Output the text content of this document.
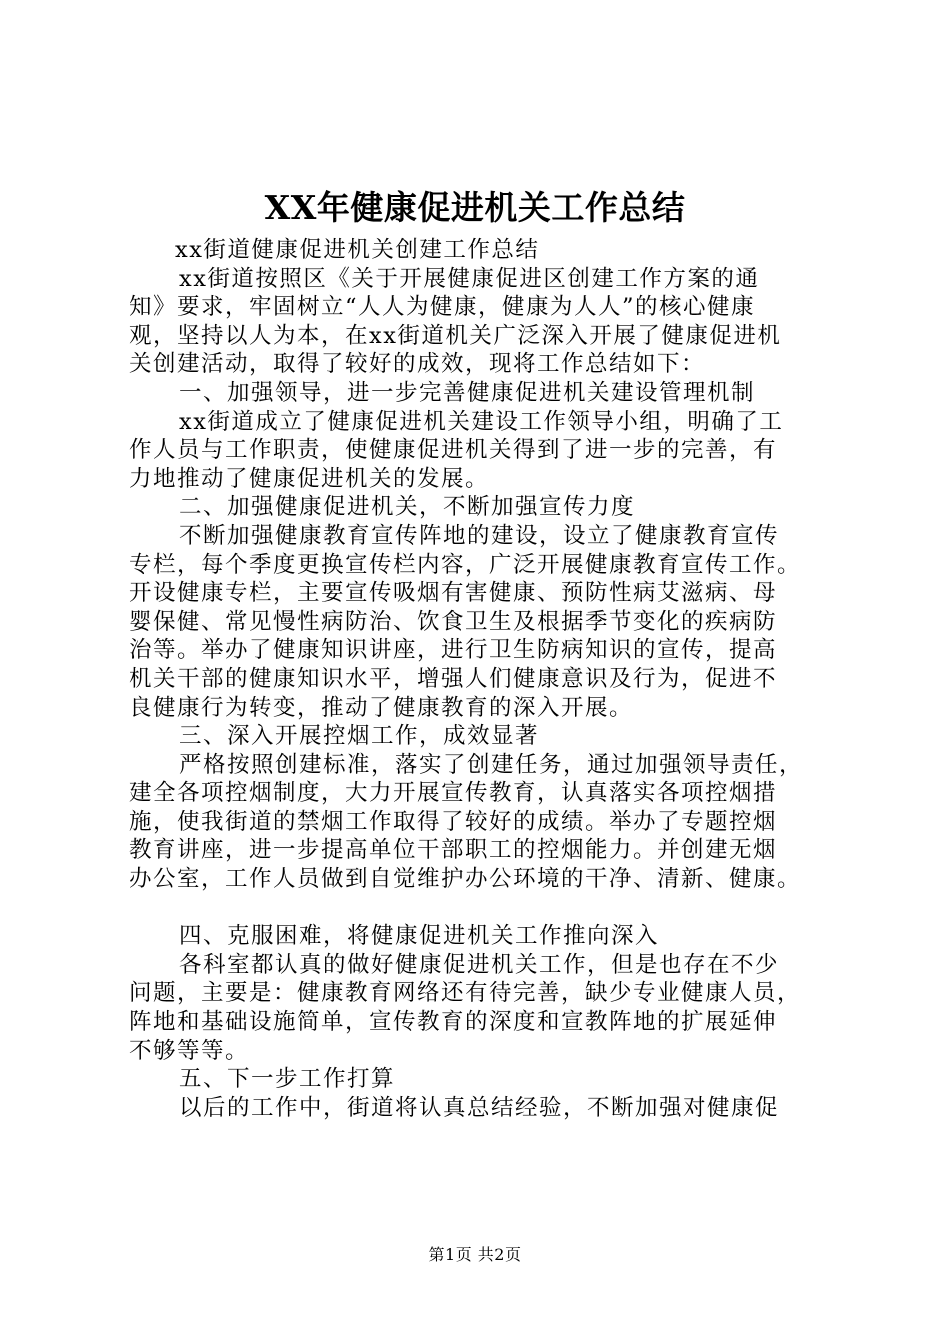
XX年健康促进机关工作总结
xx街道健康促进机关创建工作总结
xx街道按照区《关于开展健康促进区创建工作方案的通
知》要求，牢固树立“人人为健康，健康为人人”的核心健康
观，坚持以人为本，在xx街道机关广泛深入开展了健康促进机
关创建活动，取得了较好的成效，现将工作总结如下：
一、加强领导，进一步完善健康促进机关建设管理机制
xx街道成立了健康促进机关建设工作领导小组，明确了工
作人员与工作职责，使健康促进机关得到了进一步的完善，有
力地推动了健康促进机关的发展。
二、加强健康促进机关，不断加强宣传力度
不断加强健康教育宣传阵地的建设，设立了健康教育宣传
专栏，每个季度更换宣传栏内容，广泛开展健康教育宣传工作。
开设健康专栏，主要宣传吸烟有害健康、预防性病艾滋病、母
婴保健、常见慢性病防治、饮食卫生及根据季节变化的疾病防
治等。举办了健康知识讲座，进行卫生防病知识的宣传，提高
机关干部的健康知识水平，增强人们健康意识及行为，促进不
良健康行为转变，推动了健康教育的深入开展。
三、深入开展控烟工作，成效显著
严格按照创建标准，落实了创建任务，通过加强领导责任，
建全各项控烟制度，大力开展宣传教育，认真落实各项控烟措
施，使我街道的禁烟工作取得了较好的成绩。举办了专题控烟
教育讲座，进一步提高单位干部职工的控烟能力。并创建无烟
办公室，工作人员做到自觉维护办公环境的干净、清新、健康。
四、克服困难，将健康促进机关工作推向深入
各科室都认真的做好健康促进机关工作，但是也存在不少
问题，主要是：健康教育网络还有待完善，缺少专业健康人员，
阵地和基础设施简单，宣传教育的深度和宣教阵地的扩展延伸
不够等等。
五、下一步工作打算
以后的工作中，街道将认真总结经验，不断加强对健康促
第1页 共2页
